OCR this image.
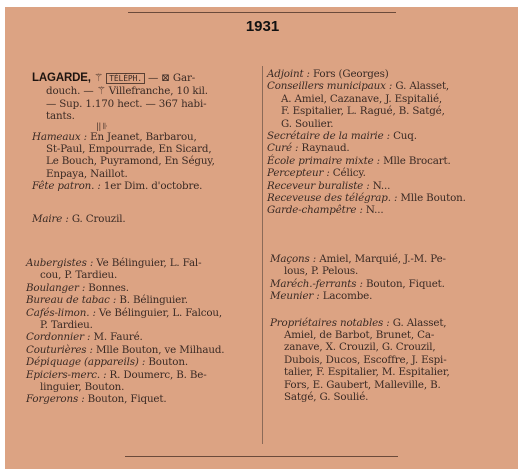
1931

LAGARDE, ⚚ TÉLÉPH. — ⊠ Gar-

douch. — ⚚ Villefranche, 10 kil.

— Sup. 1.170 hect. — 367 habi-

tants.

|| 𝄆

Hameaux : En Jeanet, Barbarou,

St-Paul, Empourrade, En Sicard,

Le Bouch, Puyramond, En Séguy,

Enpaya, Naillot.

Fête patron. : 1er Dim. d'octobre.

Maire : G. Crouzil.

Adjoint : Fors (Georges)

Conseillers municipaux : G. Alasset,

A. Amiel, Cazanave, J. Espitalié,

F. Espitalier, L. Ragué, B. Satgé,

G. Soulier.

Secrétaire de la mairie : Cuq.

Curé : Raynaud.

École primaire mixte : Mlle Brocart.

Percepteur : Célicy.

Receveur buraliste : N...

Receveuse des télégrap. : Mlle Bouton.

Garde-champêtre : N...

Aubergistes : Ve Bélinguier, L. Fal-

cou, P. Tardieu.

Boulanger : Bonnes.

Bureau de tabac : B. Bélinguier.

Cafés-limon. : Ve Bélinguier, L. Falcou,

P. Tardieu.

Cordonnier : M. Fauré.

Couturières : Mlle Bouton, ve Milhaud.

Dépiquage (appareils) : Bouton.

Epiciers-merc. : R. Doumerc, B. Be-

linguier, Bouton.

Forgerons : Bouton, Fiquet.

Maçons : Amiel, Marquié, J.-M. Pe-

lous, P. Pelous.

Maréch.-ferrants : Bouton, Fiquet.

Meunier : Lacombe.

Propriétaires notables : G. Alasset,

Amiel, de Barbot, Brunet, Ca-

zanave, X. Crouzil, G. Crouzil,

Dubois, Ducos, Escoffre, J. Espi-

talier, F. Espitalier, M. Espitalier,

Fors, E. Gaubert, Malleville, B.

Satgé, G. Soulié.
